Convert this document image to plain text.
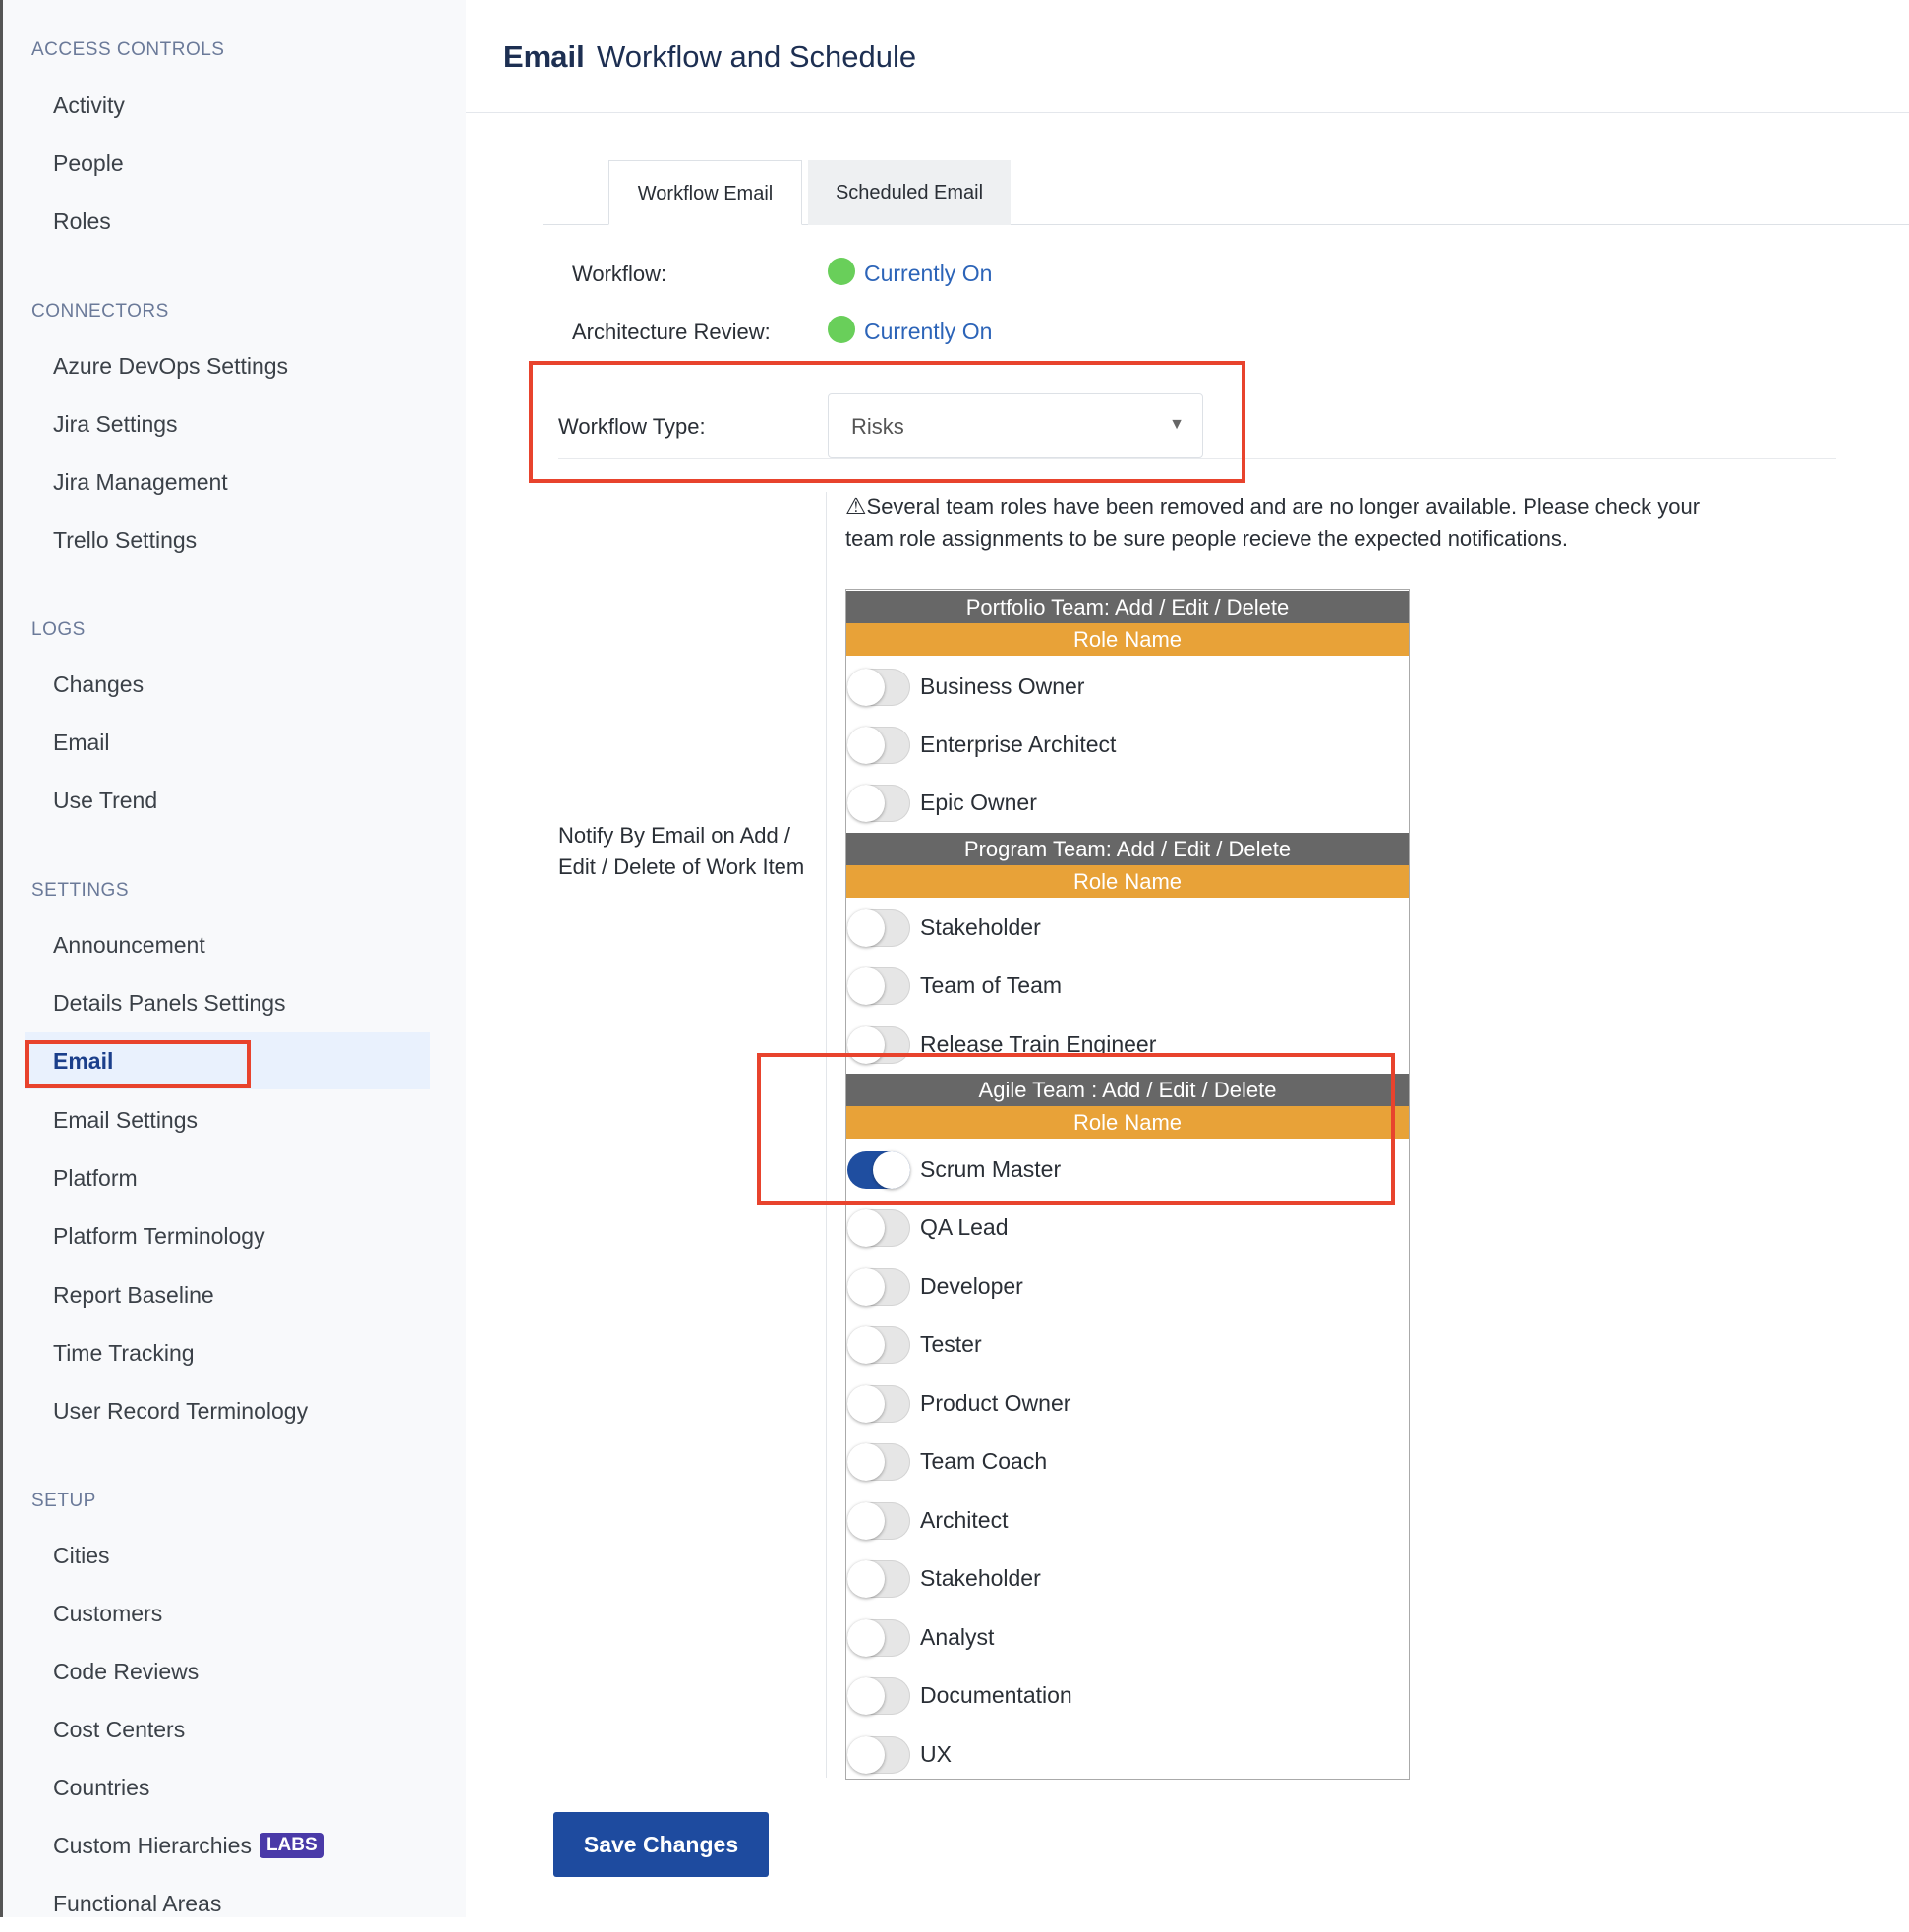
ACCESS CONTROLS
Activity
People
Roles
CONNECTORS
Azure DevOps Settings
Jira Settings
Jira Management
Trello Settings
LOGS
Changes
Email
Use Trend
SETTINGS
Announcement
Details Panels Settings
Email
Email Settings
Platform
Platform Terminology
Report Baseline
Time Tracking
User Record Terminology
SETUP
Cities
Customers
Code Reviews
Cost Centers
Countries
Custom Hierarchies LABS
Functional Areas
Email Workflow and Schedule
Workflow Email	Scheduled Email
Workflow:	Currently On
Architecture Review:	Currently On
Workflow Type:	Risks	▼
⚠Several team roles have been removed and are no longer available. Please check your team role assignments to be sure people recieve the expected notifications.
Notify By Email on Add / Edit / Delete of Work Item
Portfolio Team: Add / Edit / Delete
Role Name
Business Owner
Enterprise Architect
Epic Owner
Program Team: Add / Edit / Delete
Role Name
Stakeholder
Team of Team
Release Train Engineer
Agile Team : Add / Edit / Delete
Role Name
Scrum Master
QA Lead
Developer
Tester
Product Owner
Team Coach
Architect
Stakeholder
Analyst
Documentation
UX
Save Changes
